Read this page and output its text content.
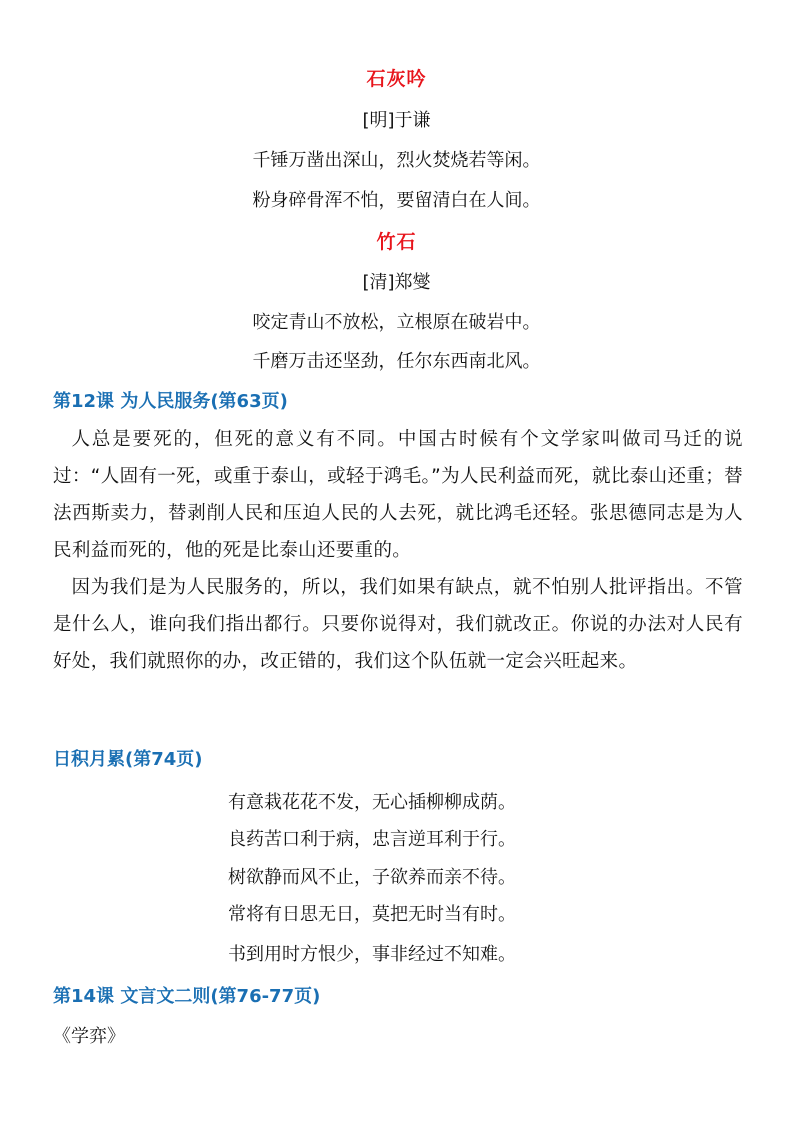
石灰吟
[明]于谦
千锤万凿出深山，烈火焚烧若等闲。
粉身碎骨浑不怕，要留清白在人间。
竹石
[清]郑燮
咬定青山不放松，立根原在破岩中。
千磨万击还坚劲，任尔东西南北风。
第12课 为人民服务(第63页)
人总是要死的，但死的意义有不同。中国古时候有个文学家叫做司马迁的说过：“人固有一死，或重于泰山，或轻于鸿毛。”为人民利益而死，就比泰山还重；替法西斯卖力，替剥削人民和压迫人民的人去死，就比鸿毛还轻。张思德同志是为人民利益而死的，他的死是比泰山还要重的。
因为我们是为人民服务的，所以，我们如果有缺点，就不怕别人批评指出。不管是什么人，谁向我们指出都行。只要你说得对，我们就改正。你说的办法对人民有好处，我们就照你的办，改正错的，我们这个队伍就一定会兴旺起来。
日积月累(第74页)
有意栽花花不发，无心插柳柳成荫。
良药苦口利于病，忠言逆耳利于行。
树欲静而风不止，子欲养而亲不待。
常将有日思无日，莫把无时当有时。
书到用时方恨少，事非经过不知难。
第14课 文言文二则(第76-77页)
《学弈》
